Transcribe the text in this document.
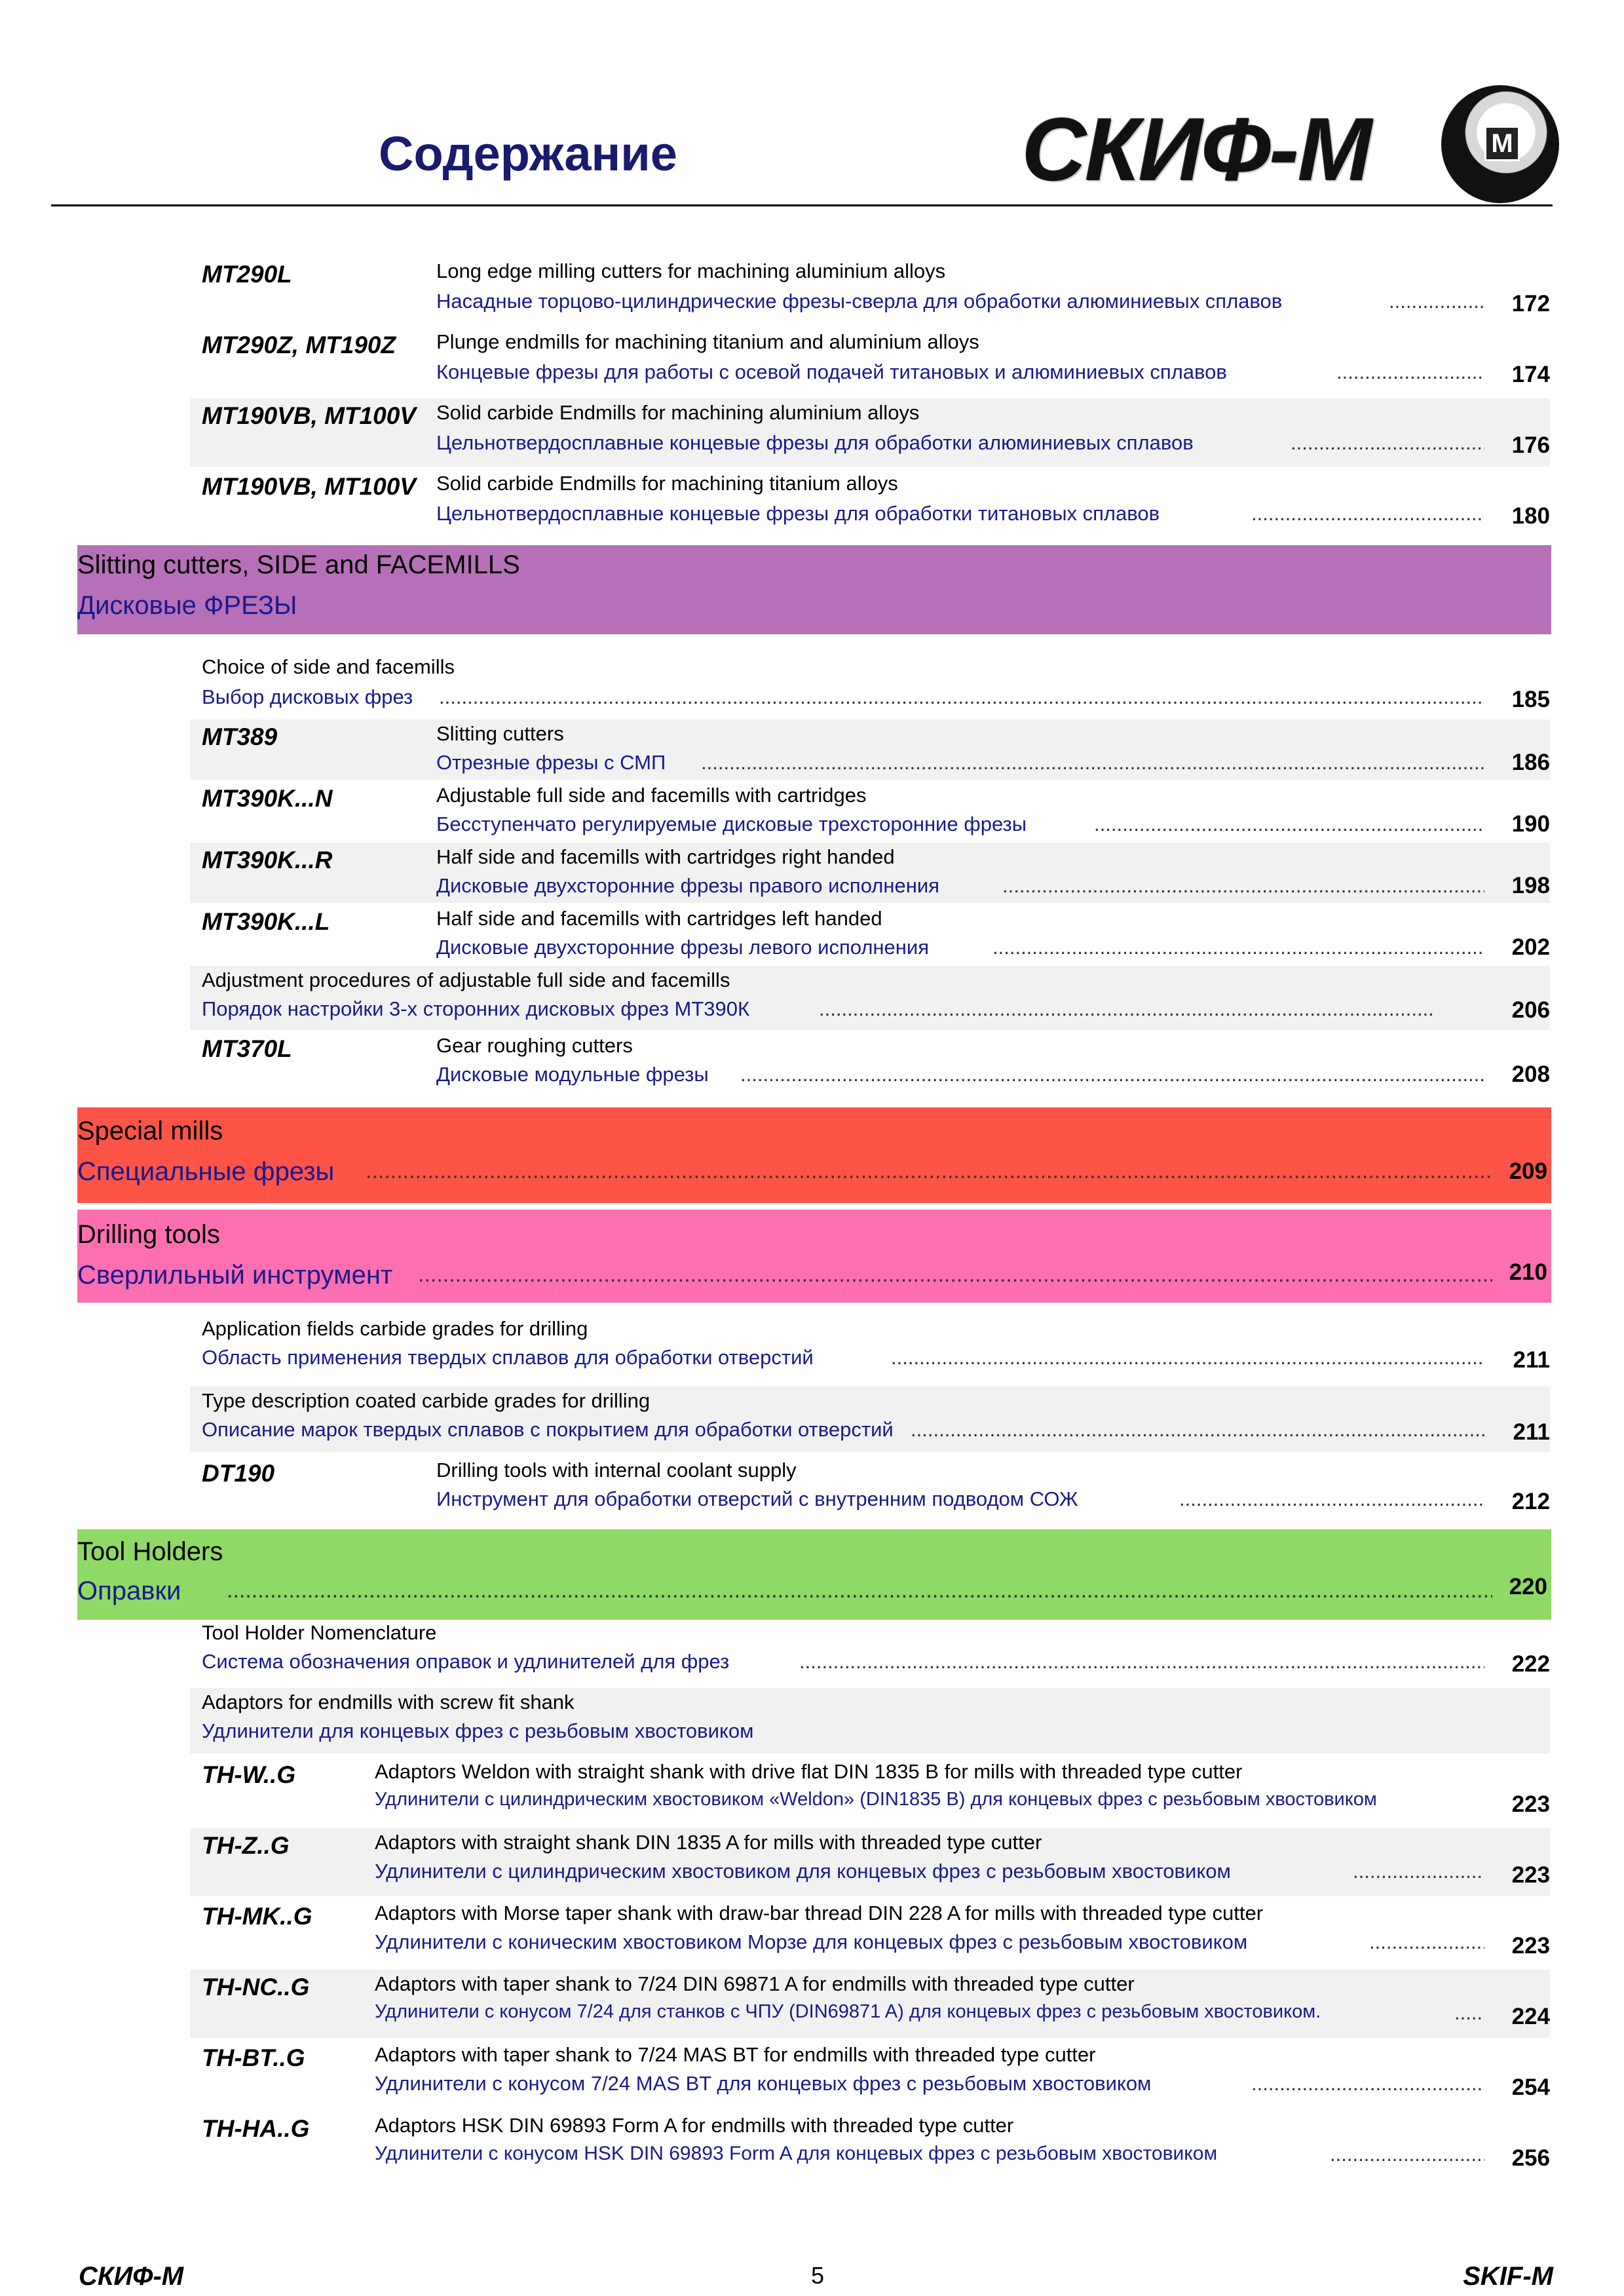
Содержание	СКИФ-М	M
MT290L	Long edge milling cutters for machining aluminium alloys
Насадные торцово-цилиндрические фрезы-сверла для обработки алюминиевых сплавов .....	172
MT290Z, MT190Z Plunge endmills for machining titanium and aluminium alloys
Концевые фрезы для работы с осевой подачей титановых и алюминиевых сплавов .....	174
MT190VB, MT100V Solid carbide Endmills for machining aluminium alloys
Цельнотвердосплавные концевые фрезы для обработки алюминиевых сплавов .....	176
MT190VB, MT100V Solid carbide Endmills for machining titanium alloys
Цельнотвердосплавные концевые фрезы для обработки титановых сплавов .....	180
Slitting cutters, SIDE and FACEMILLS
Дисковые ФРЕЗЫ
Choice of side and facemills
Выбор дисковых фрез .....	185
MT389	Slitting cutters
Отрезные фрезы с СМП .....	186
MT390K...N	Adjustable full side and facemills with cartridges
Бесступенчато регулируемые дисковые трехсторонние фрезы .....	190
MT390K...R	Half side and facemills with cartridges right handed
Дисковые двухсторонние фрезы правого исполнения .....	198
MT390K...L	Half side and facemills with cartridges left handed
Дисковые двухсторонние фрезы левого исполнения .....	202
Adjustment procedures of adjustable full side and facemills
Порядок настройки 3-х сторонних дисковых фрез МТ390К .....	206
MT370L	Gear roughing cutters
Дисковые модульные фрезы .....	208
Special mills
Специальные фрезы .....	209
Drilling tools
Сверлильный инструмент .....	210
Application fields carbide grades for drilling
Область применения твердых сплавов для обработки отверстий .....	211
Type description coated carbide grades for drilling
Описание марок твердых сплавов с покрытием для обработки отверстий .....	211
DT190	Drilling tools with internal coolant supply
Инструмент для обработки отверстий с внутренним подводом СОЖ .....	212
Tool Holders
Оправки .....	220
Tool Holder Nomenclature
Система обозначения оправок и удлинителей для фрез .....	222
Adaptors for endmills with screw fit shank
Удлинители для концевых фрез с резьбовым хвостовиком
TH-W..G	Adaptors Weldon with straight shank with drive flat DIN 1835 B for mills with threaded type cutter
Удлинители с цилиндрическим хвостовиком «Weldon» (DIN1835 B) для концевых фрез с резьбовым хвостовиком	223
TH-Z..G	Adaptors with straight shank DIN 1835 A for mills with threaded type cutter
Удлинители с цилиндрическим хвостовиком для концевых фрез с резьбовым хвостовиком .....	223
TH-MK..G	Adaptors with Morse taper shank with draw-bar thread DIN 228 A for mills with threaded type cutter
Удлинители с коническим хвостовиком Морзе для концевых фрез с резьбовым хвостовиком .....	223
TH-NC..G	Adaptors with taper shank to 7/24 DIN 69871 A for endmills with threaded type cutter
Удлинители с конусом 7/24 для станков с ЧПУ (DIN69871 A) для концевых фрез с резьбовым хвостовиком. .....	224
TH-BT..G	Adaptors with taper shank to 7/24 MAS BT for endmills with threaded type cutter
Удлинители с конусом 7/24 MAS BT для концевых фрез с резьбовым хвостовиком .....	254
TH-HA..G	Adaptors HSK DIN 69893 Form A for endmills with threaded type cutter
Удлинители с конусом HSK DIN 69893 Form A для концевых фрез с резьбовым хвостовиком .....	256
СКИФ-М	5	SKIF-M
